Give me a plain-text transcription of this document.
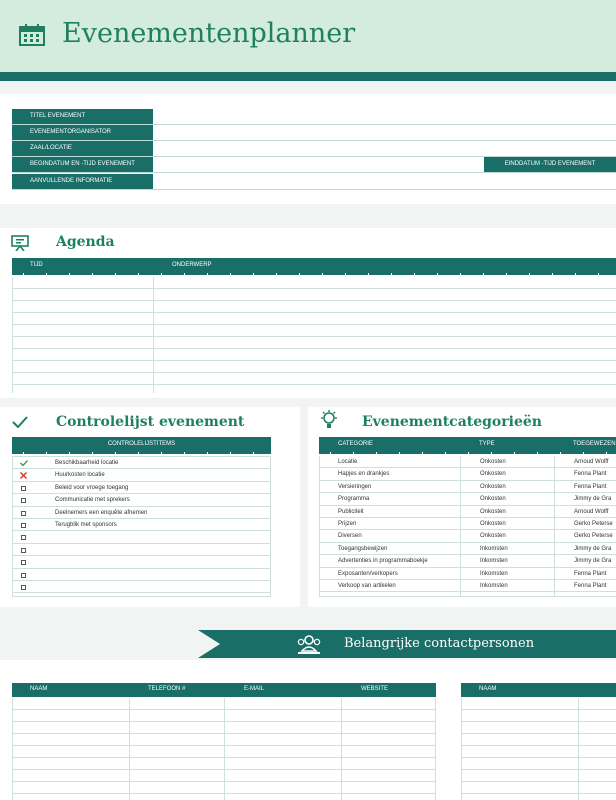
Evenementenplanner
TITEL EVENEMENT
EVENEMENTORGANISATOR
ZAAL/LOCATIE
BEGINDATUM EN -TIJD EVENEMENT	EINDDATUM -TIJD EVENEMENT
AANVULLENDE INFORMATIE
Agenda
TIJD	ONDERWERP
Controlelijst evenement
CONTROLELIJSTITEMS
Beschikbaarheid locatie
Huurkosten locatie
Beleid voor vroege toegang
Communicatie met sprekers
Deelnemers een enquête afnemen
Terugblik met sponsors
Evenementcategorieën
CATEGORIE	TYPE	TOEGEWEZEN
Locatie	Onkosten	Arnoud Wolff
Hapjes en drankjes	Onkosten	Fenna Plant
Versieringen	Onkosten	Fenna Plant
Programma	Onkosten	Jimmy de Gra
Publiciteit	Onkosten	Arnoud Wolff
Prijzen	Onkosten	Gerko Peterse
Diversen	Onkosten	Gerko Peterse
Toegangsbewijzen	Inkomsten	Jimmy de Gra
Advertenties in programmaboekje	Inkomsten	Jimmy de Gra
Exposanten/verkopers	Inkomsten	Fenna Plant
Verkoop van artikelen	Inkomsten	Fenna Plant
Belangrijke contactpersonen
NAAM	TELEFOON #	E-MAIL	WEBSITE	NAAM
